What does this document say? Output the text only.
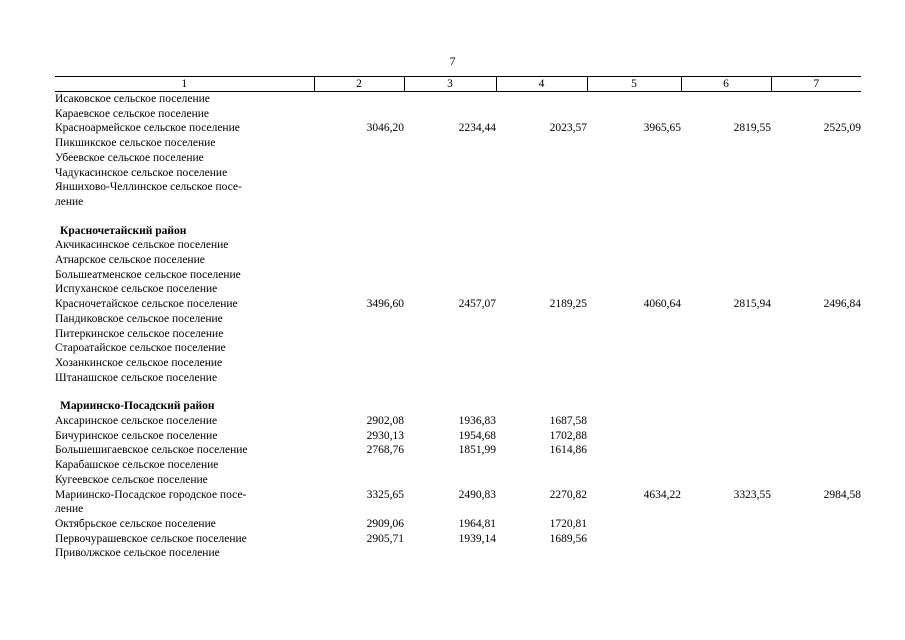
7
1	2	3	4	5	6	7
Исаковское сельское поселение						
Караевское сельское поселение						
Красноармейское сельское поселение	3046,20	2234,44	2023,57	3965,65	2819,55	2525,09
Пикшикское сельское поселение						
Убеевское сельское поселение						
Чадукасинское сельское поселение						
Яншихово-Челлинское сельское посе-
ление						

Красночетайский район						
Акчикасинское сельское поселение						
Атнарское сельское поселение						
Большеатменское сельское поселение						
Испуханское сельское поселение						
Красночетайское сельское поселение	3496,60	2457,07	2189,25	4060,64	2815,94	2496,84
Пандиковское сельское поселение						
Питеркинское сельское поселение						
Староатайское сельское поселение						
Хозанкинское сельское поселение						
Штанашское сельское поселение						

Мариинско-Посадский район						
Аксаринское сельское поселение	2902,08	1936,83	1687,58			
Бичуринское сельское поселение	2930,13	1954,68	1702,88			
Большешигаевское сельское поселение	2768,76	1851,99	1614,86			
Карабашское сельское поселение						
Кугеевское сельское поселение						
Мариинско-Посадское городское посе-
ление	3325,65	2490,83	2270,82	4634,22	3323,55	2984,58
Октябрьское сельское поселение	2909,06	1964,81	1720,81			
Первочурашевское сельское поселение	2905,71	1939,14	1689,56			
Приволжское сельское поселение						
